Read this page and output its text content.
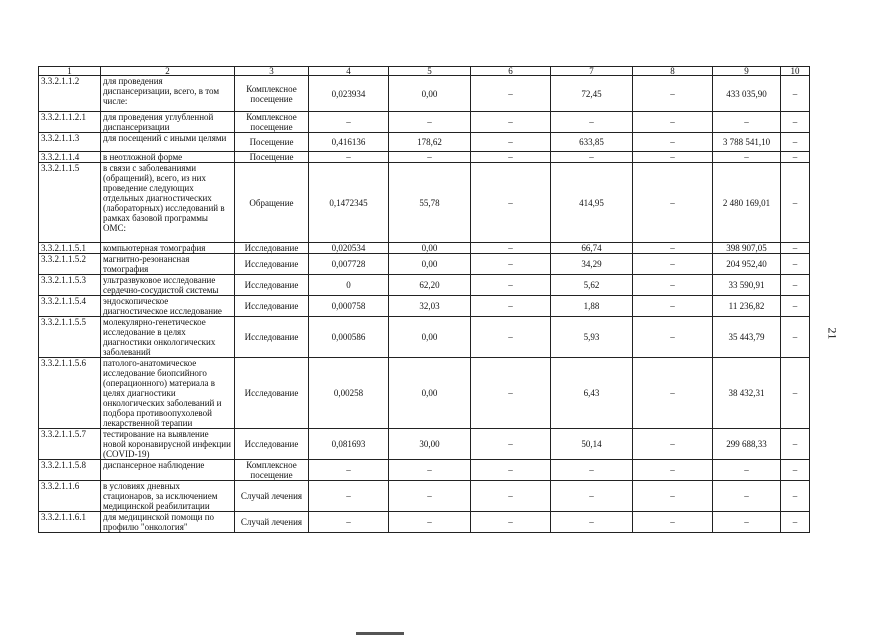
1	2	3	4	5	6	7	8	9	10
3.3.2.1.1.2	для проведения диспансеризации, всего, в том числе:	Комплексное посещение	0,023934	0,00	–	72,45	–	433 035,90	–
3.3.2.1.1.2.1	для проведения углубленной диспансеризации	Комплексное посещение	–	–	–	–	–	–	–
3.3.2.1.1.3	для посещений с иными целями	Посещение	0,416136	178,62	–	633,85	–	3 788 541,10	–
3.3.2.1.1.4	в неотложной форме	Посещение	–	–	–	–	–	–	–
3.3.2.1.1.5	в связи с заболеваниями (обращений), всего, из них проведение следующих отдельных диагностических (лабораторных) исследований в рамках базовой программы ОМС:	Обращение	0,1472345	55,78	–	414,95	–	2 480 169,01	–
3.3.2.1.1.5.1	компьютерная томография	Исследование	0,020534	0,00	–	66,74	–	398 907,05	–
3.3.2.1.1.5.2	магнитно-резонансная томография	Исследование	0,007728	0,00	–	34,29	–	204 952,40	–
3.3.2.1.1.5.3	ультразвуковое исследование сердечно-сосудистой системы	Исследование	0	62,20	–	5,62	–	33 590,91	–
3.3.2.1.1.5.4	эндоскопическое диагностическое исследование	Исследование	0,000758	32,03	–	1,88	–	11 236,82	–
3.3.2.1.1.5.5	молекулярно-генетическое исследование в целях диагностики онкологических заболеваний	Исследование	0,000586	0,00	–	5,93	–	35 443,79	–
3.3.2.1.1.5.6	патолого-анатомическое исследование биопсийного (операционного) материала в целях диагностики онкологических заболеваний и подбора противоопухолевой лекарственной терапии	Исследование	0,00258	0,00	–	6,43	–	38 432,31	–
3.3.2.1.1.5.7	тестирование на выявление новой коронавирусной инфекции (COVID-19)	Исследование	0,081693	30,00	–	50,14	–	299 688,33	–
3.3.2.1.1.5.8	диспансерное наблюдение	Комплексное посещение	–	–	–	–	–	–	–
3.3.2.1.1.6	в условиях дневных стационаров, за исключением медицинской реабилитации	Случай лечения	–	–	–	–	–	–	–
3.3.2.1.1.6.1	для медицинской помощи по профилю "онкология"	Случай лечения	–	–	–	–	–	–	–
21
